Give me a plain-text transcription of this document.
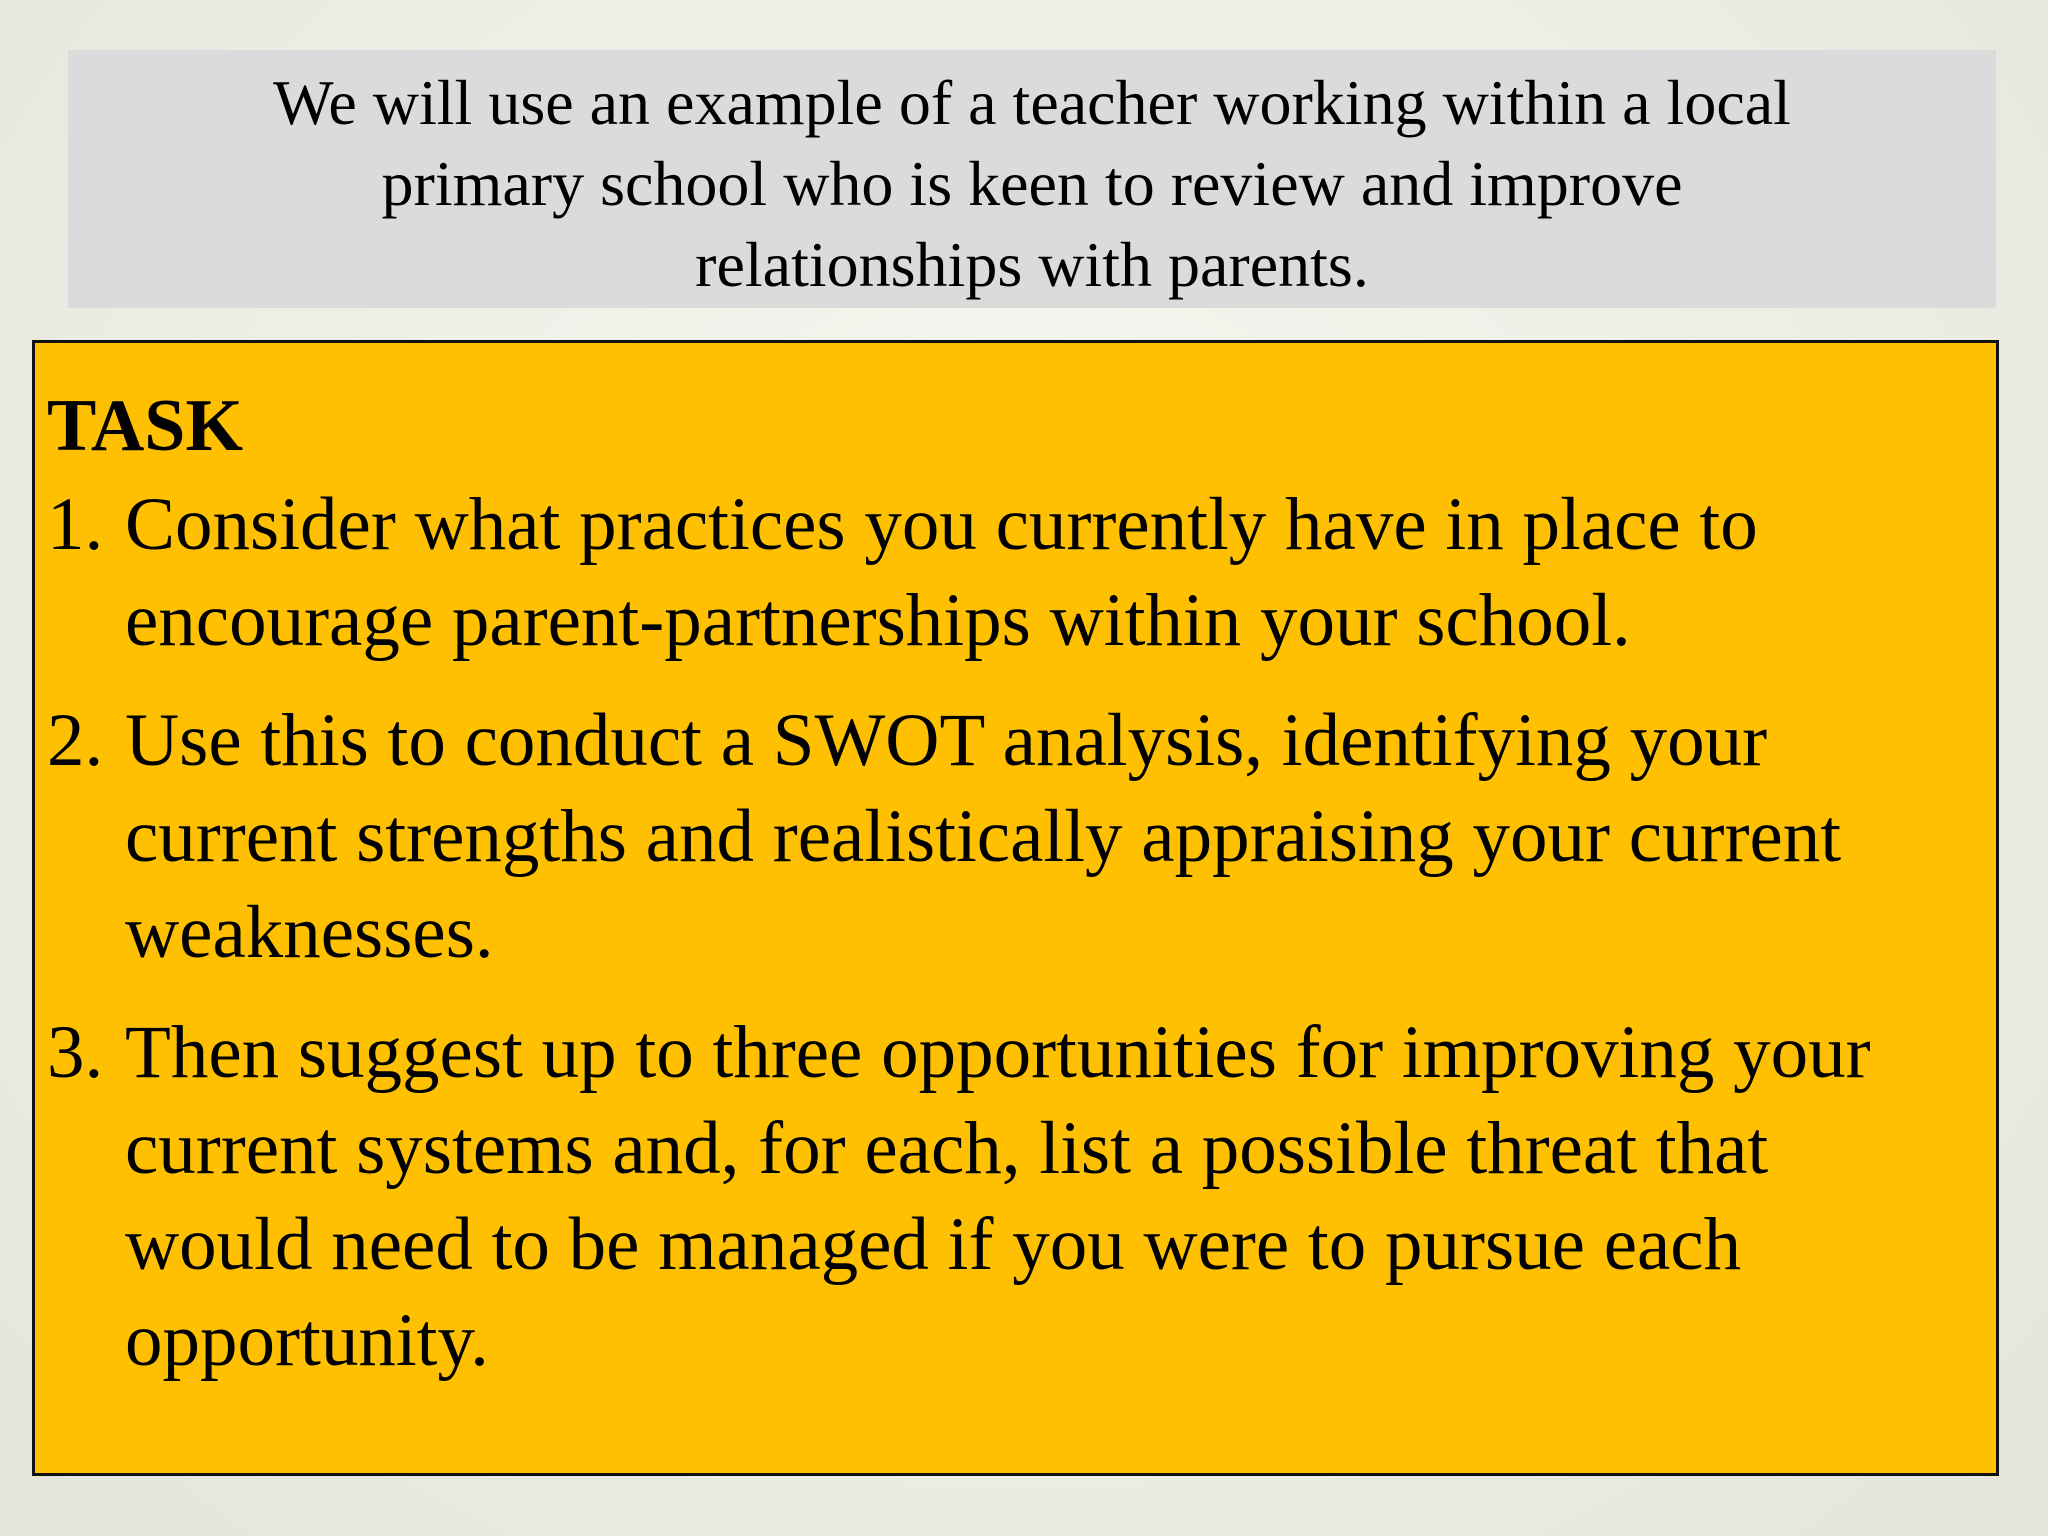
We will use an example of a teacher working within a local
primary school who is keen to review and improve
relationships with parents.

TASK

1. Consider what practices you currently have in place to
encourage parent-partnerships within your school.
2. Use this to conduct a SWOT analysis, identifying your
current strengths and realistically appraising your current
weaknesses.
3. Then suggest up to three opportunities for improving your
current systems and, for each, list a possible threat that
would need to be managed if you were to pursue each
opportunity.
